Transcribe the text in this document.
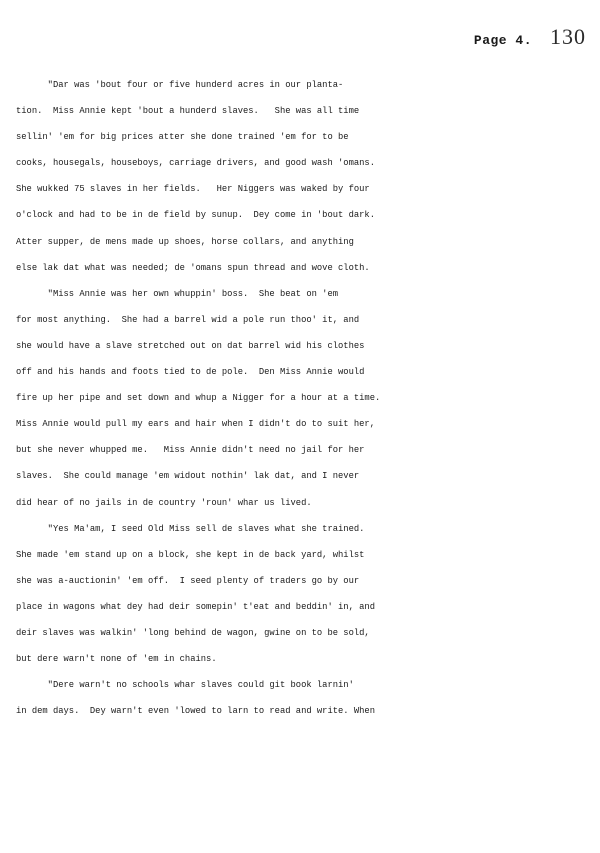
Page 4. 130
"Dar was 'bout four or five hunderd acres in our planta-
tion.  Miss Annie kept 'bout a hunderd slaves.   She was all time
sellin' 'em for big prices atter she done trained 'em for to be
cooks, housegals, houseboys, carriage drivers, and good wash 'omans.
She wukked 75 slaves in her fields.   Her Niggers was waked by four
o'clock and had to be in de field by sunup.  Dey come in 'bout dark.
Atter supper, de mens made up shoes, horse collars, and anything
else lak dat what was needed; de 'omans spun thread and wove cloth.
"Miss Annie was her own whuppin' boss.  She beat on 'em
for most anything.  She had a barrel wid a pole run thoo' it, and
she would have a slave stretched out on dat barrel wid his clothes
off and his hands and foots tied to de pole.  Den Miss Annie would
fire up her pipe and set down and whup a Nigger for a hour at a time.
Miss Annie would pull my ears and hair when I didn't do to suit her,
but she never whupped me.   Miss Annie didn't need no jail for her
slaves.  She could manage 'em widout nothin' lak dat, and I never
did hear of no jails in de country 'roun' whar us lived.
"Yes Ma'am, I seed Old Miss sell de slaves what she trained.
She made 'em stand up on a block, she kept in de back yard, whilst
she was a-auctionin' 'em off.  I seed plenty of traders go by our
place in wagons what dey had deir somepin' t'eat and beddin' in, and
deir slaves was walkin' 'long behind de wagon, gwine on to be sold,
but dere warn't none of 'em in chains.
"Dere warn't no schools whar slaves could git book larnin'
in dem days.  Dey warn't even 'lowed to larn to read and write. When
